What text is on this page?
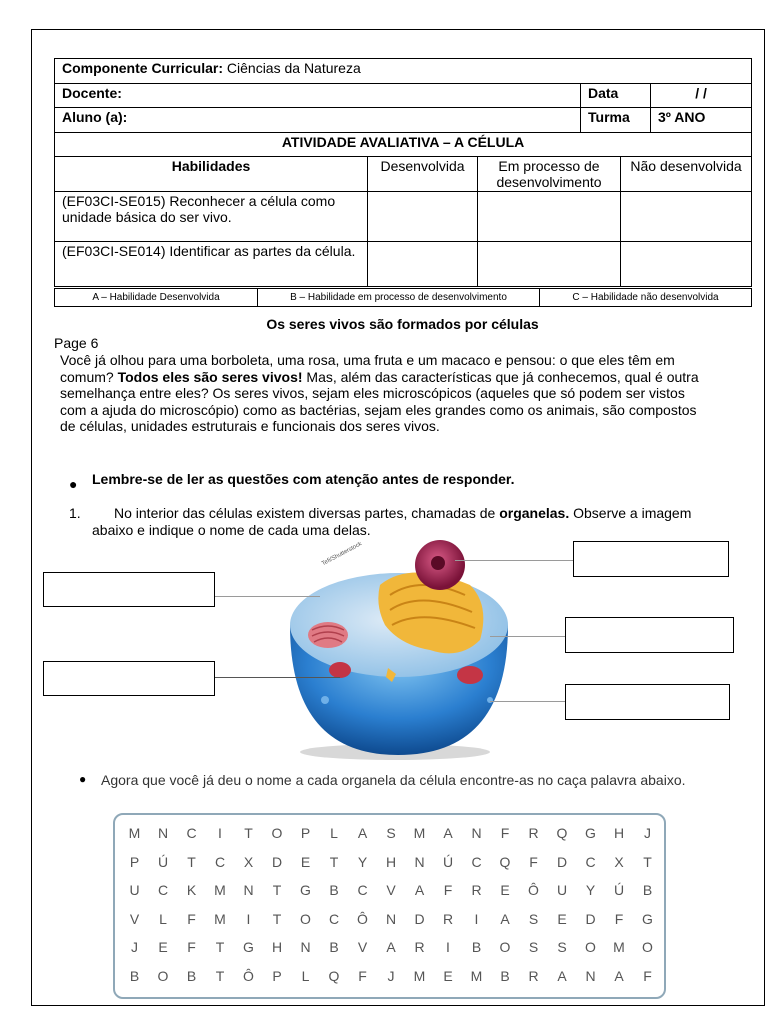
Componente Curricular: Ciências da Natureza					
Docente:			Data		/ /
Aluno (a):			Turma		3º ANO
ATIVIDADE AVALIATIVA – A CÉLULA					
Habilidades	Desenvolvida	Em processo de desenvolvimento		Não desenvolvida	
(EF03CI-SE015) Reconhecer a célula como unidade básica do ser vivo.					
(EF03CI-SE014) Identificar as partes da célula.					
A – Habilidade Desenvolvida	B – Habilidade em processo de desenvolvimento	C – Habilidade não desenvolvida
Os seres vivos são formados por células
Page 6
Você já olhou para uma borboleta, uma rosa, uma fruta e um macaco e pensou: o que eles têm em comum? Todos eles são seres vivos! Mas, além das características que já conhecemos, qual é outra semelhança entre eles? Os seres vivos, sejam eles microscópicos (aqueles que só podem ser vistos com a ajuda do microscópio) como as bactérias, sejam eles grandes como os animais, são compostos de células, unidades estruturais e funcionais dos seres vivos.
● Lembre-se de ler as questões com atenção antes de responder.
1.	No interior das células existem diversas partes, chamadas de organelas. Observe a imagem abaixo e indique o nome de cada uma delas.
Tefi/Shutterstock
● Agora que você já deu o nome a cada organela da célula encontre-as no caça palavra abaixo.
M	N	C	I	T	O	P	L	A	S	M	A	N	F	R	Q	G	H	J
P	Ú	T	C	X	D	E	T	Y	H	N	Ú	C	Q	F	D	C	X	T
U	C	K	M	N	T	G	B	C	V	A	F	R	E	Ô	U	Y	Ú	B
V	L	F	M	I	T	O	C	Ô	N	D	R	I	A	S	E	D	F	G
J	E	F	T	G	H	N	B	V	A	R	I	B	O	S	S	O	M	O
B	O	B	T	Ô	P	L	Q	F	J	M	E	M	B	R	A	N	A	F
